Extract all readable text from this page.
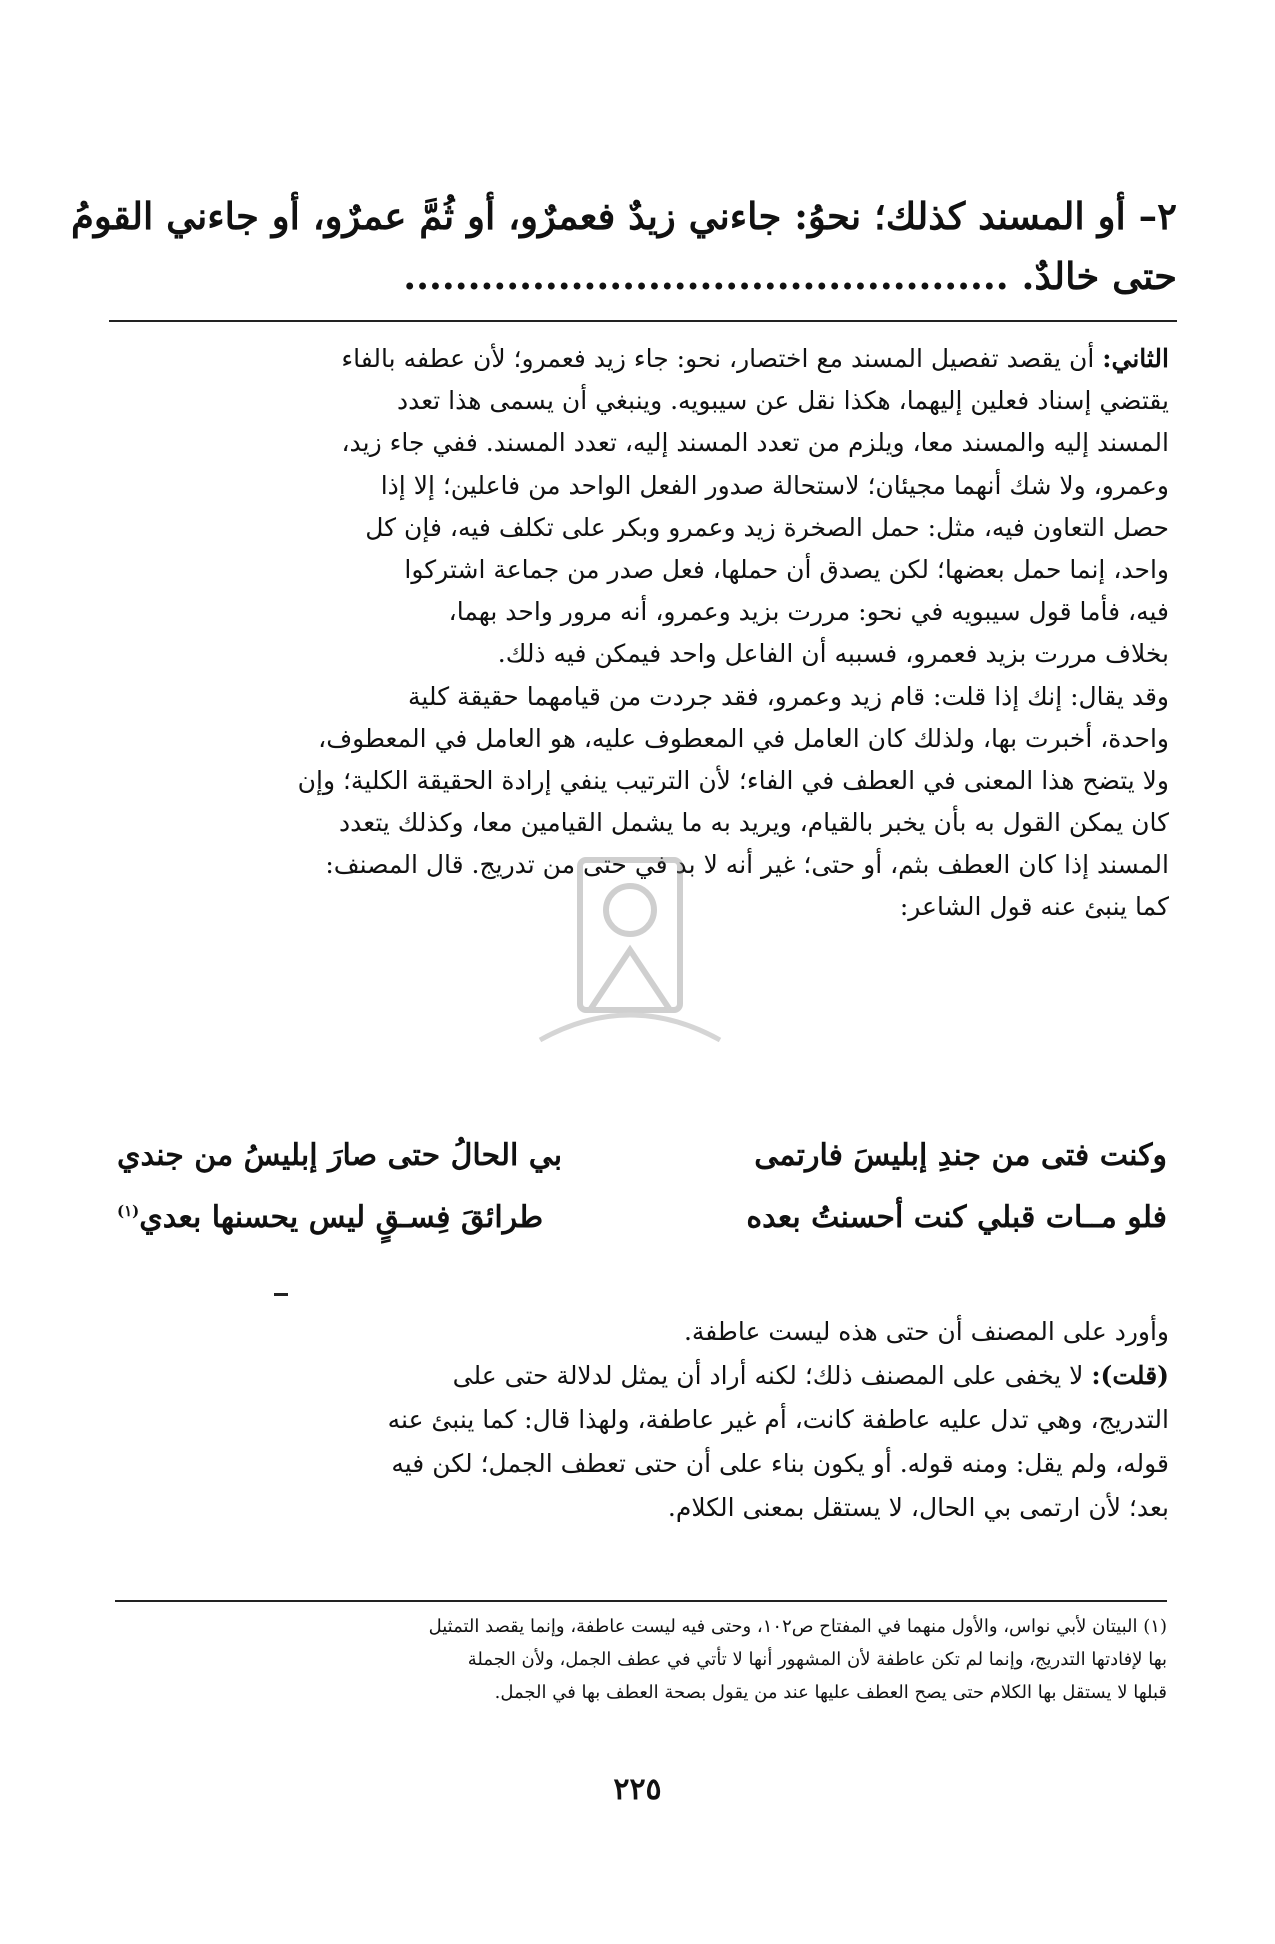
٢– أو المسند كذلك؛ نحوُ: جاءني زيدٌ فعمرٌو، أو ثُمَّ عمرٌو، أو جاءني القومُ
حتى خالدٌ. ...............................................
الثاني: أن يقصد تفصيل المسند مع اختصار، نحو: جاء زيد فعمرو؛ لأن عطفه بالفاء
يقتضي إسناد فعلين إليهما، هكذا نقل عن سيبويه. وينبغي أن يسمى هذا تعدد
المسند إليه والمسند معا، ويلزم من تعدد المسند إليه، تعدد المسند. ففي جاء زيد،
وعمرو، ولا شك أنهما مجيئان؛ لاستحالة صدور الفعل الواحد من فاعلين؛ إلا إذا
حصل التعاون فيه، مثل: حمل الصخرة زيد وعمرو وبكر على تكلف فيه، فإن كل
واحد، إنما حمل بعضها؛ لكن يصدق أن حملها، فعل صدر من جماعة اشتركوا
فيه، فأما قول سيبويه في نحو: مررت بزيد وعمرو، أنه مرور واحد بهما،
بخلاف مررت بزيد فعمرو، فسببه أن الفاعل واحد فيمكن فيه ذلك.
وقد يقال: إنك إذا قلت: قام زيد وعمرو، فقد جردت من قيامهما حقيقة كلية
واحدة، أخبرت بها، ولذلك كان العامل في المعطوف عليه، هو العامل في المعطوف،
ولا يتضح هذا المعنى في العطف في الفاء؛ لأن الترتيب ينفي إرادة الحقيقة الكلية؛ وإن
كان يمكن القول به بأن يخبر بالقيام، ويريد به ما يشمل القيامين معا، وكذلك يتعدد
المسند إذا كان العطف بثم، أو حتى؛ غير أنه لا بد في حتى من تدريج. قال المصنف:
كما ينبئ عنه قول الشاعر:
وكنت فتى من جندِ إبليسَ فارتمى
بي الحالُ حتى صارَ إبليسُ من جندي
فلو مــات قبلي كنت أحسنتُ بعده
طرائقَ فِسـقٍ ليس يحسنها بعدي$^{(١)}$
وأورد على المصنف أن حتى هذه ليست عاطفة.
(قلت): لا يخفى على المصنف ذلك؛ لكنه أراد أن يمثل لدلالة حتى على
التدريج، وهي تدل عليه عاطفة كانت، أم غير عاطفة، ولهذا قال: كما ينبئ عنه
قوله، ولم يقل: ومنه قوله. أو يكون بناء على أن حتى تعطف الجمل؛ لكن فيه
بعد؛ لأن ارتمى بي الحال، لا يستقل بمعنى الكلام.
(١) البيتان لأبي نواس، والأول منهما في المفتاح ص١٠٢، وحتى فيه ليست عاطفة، وإنما يقصد التمثيل
بها لإفادتها التدريج، وإنما لم تكن عاطفة لأن المشهور أنها لا تأتي في عطف الجمل، ولأن الجملة
قبلها لا يستقل بها الكلام حتى يصح العطف عليها عند من يقول بصحة العطف بها في الجمل.
٢٢٥
